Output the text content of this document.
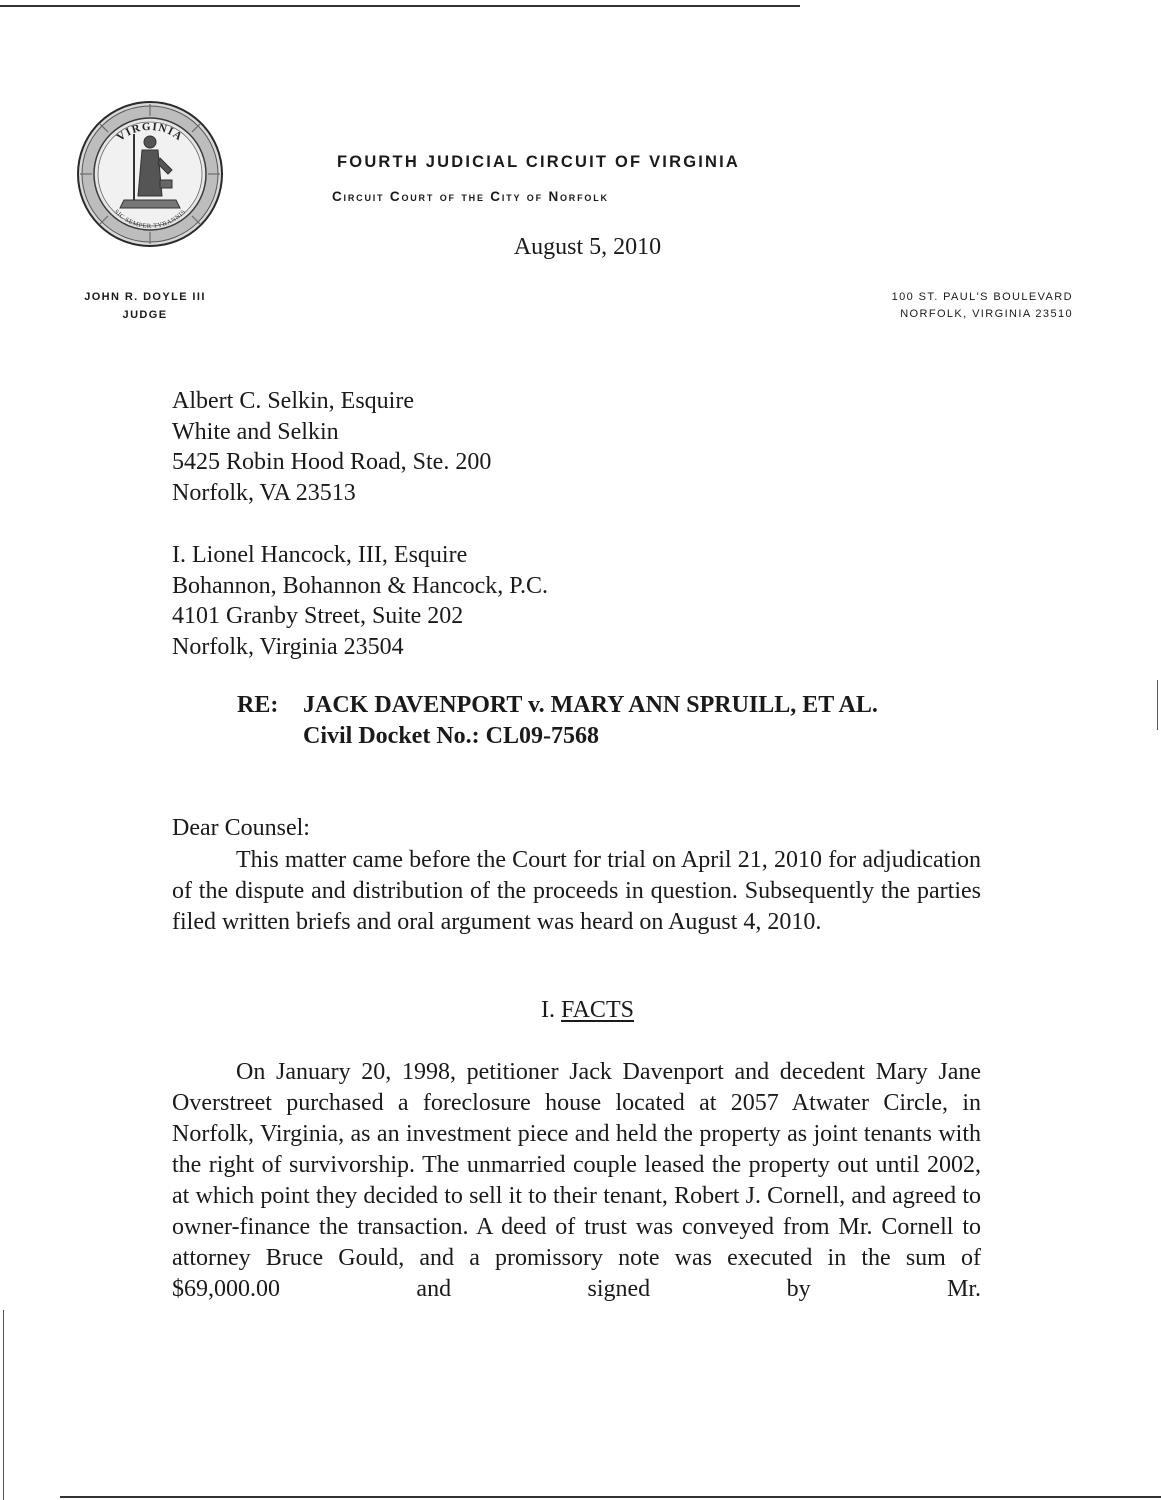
VIRGINIA
SIC SEMPER TYRANNIS
FOURTH JUDICIAL CIRCUIT OF VIRGINIA
Circuit Court of the City of Norfolk
August 5, 2010
JOHN R. DOYLE III
JUDGE
100 ST. PAUL'S BOULEVARD
NORFOLK, VIRGINIA 23510
Albert C. Selkin, Esquire
White and Selkin
5425 Robin Hood Road, Ste. 200
Norfolk, VA 23513
I. Lionel Hancock, III, Esquire
Bohannon, Bohannon & Hancock, P.C.
4101 Granby Street, Suite 202
Norfolk, Virginia 23504
RE: JACK DAVENPORT v. MARY ANN SPRUILL, ET AL.
Civil Docket No.: CL09-7568
Dear Counsel:
This matter came before the Court for trial on April 21, 2010 for adjudication of the dispute and distribution of the proceeds in question. Subsequently the parties filed written briefs and oral argument was heard on August 4, 2010.
I. FACTS
On January 20, 1998, petitioner Jack Davenport and decedent Mary Jane Overstreet purchased a foreclosure house located at 2057 Atwater Circle, in Norfolk, Virginia, as an investment piece and held the property as joint tenants with the right of survivorship. The unmarried couple leased the property out until 2002, at which point they decided to sell it to their tenant, Robert J. Cornell, and agreed to owner-finance the transaction. A deed of trust was conveyed from Mr. Cornell to attorney Bruce Gould, and a promissory note was executed in the sum of $69,000.00 and signed by Mr.
